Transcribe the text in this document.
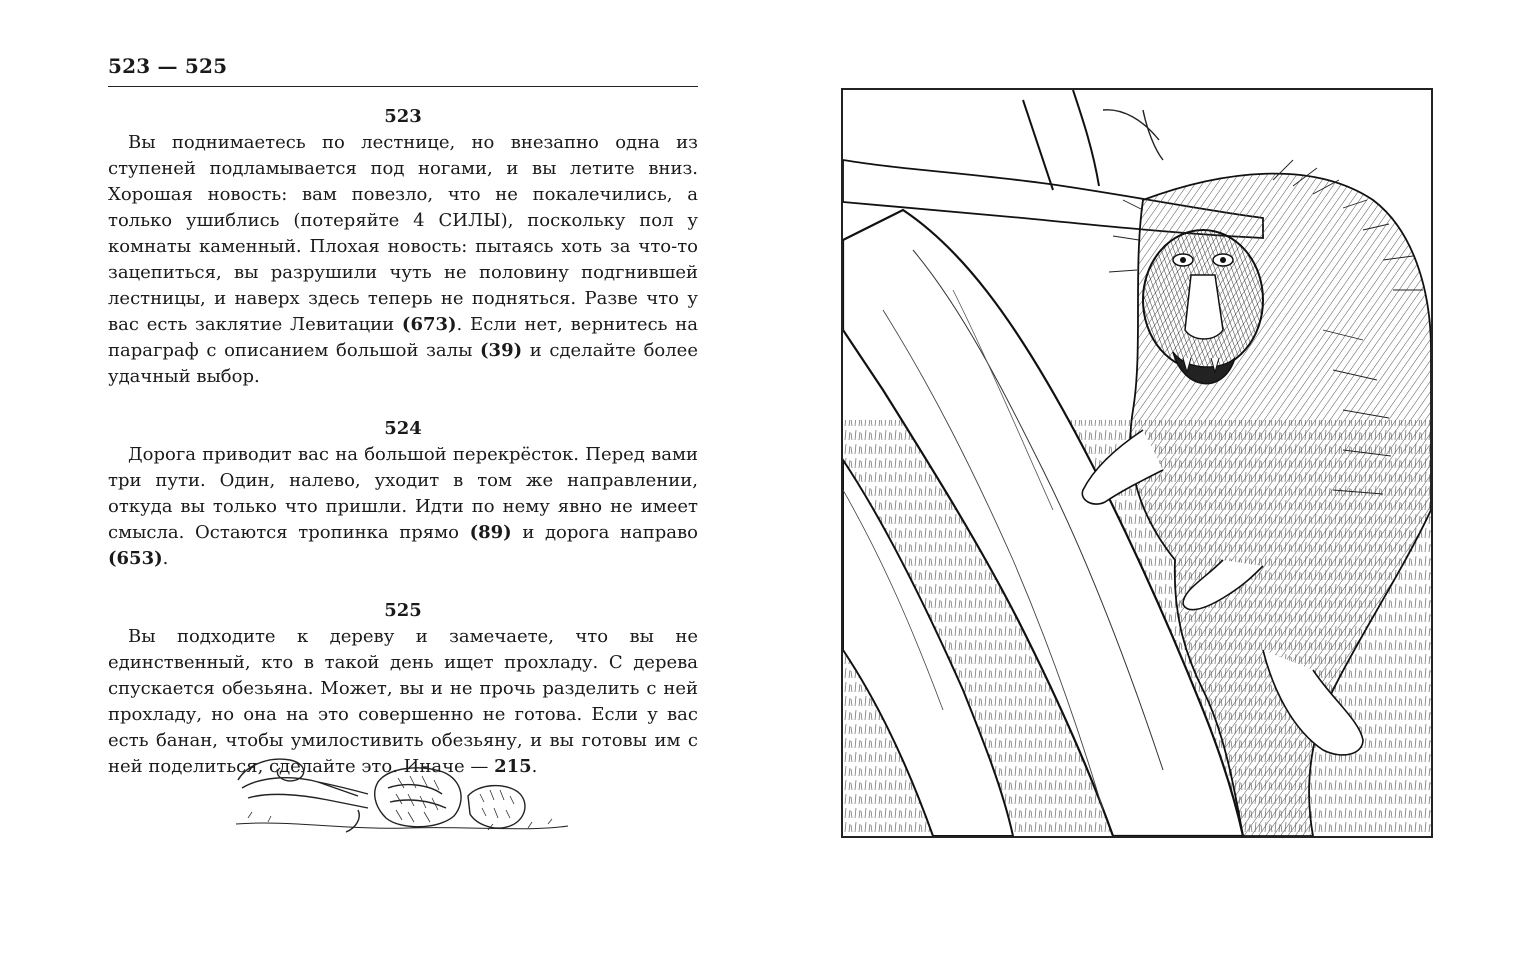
523 — 525
523

Вы поднимаетесь по лестнице, но внезапно одна из ступеней подламывается под ногами, и вы летите вниз. Хорошая новость: вам повезло, что не покалечились, а только ушиблись (потеряйте 4 СИЛЫ), поскольку пол у комнаты каменный. Плохая новость: пытаясь хоть за что-то зацепиться, вы разрушили чуть не половину подгнившей лестницы, и наверх здесь теперь не подняться. Разве что у вас есть заклятие Левитации (673). Если нет, вернитесь на параграф с описанием большой залы (39) и сделайте более удачный выбор.

524

Дорога приводит вас на большой перекрёсток. Перед вами три пути. Один, налево, уходит в том же направлении, откуда вы только что пришли. Идти по нему явно не имеет смысла. Остаются тропинка прямо (89) и дорога направо (653).

525

Вы подходите к дереву и замечаете, что вы не единственный, кто в такой день ищет прохладу. С дерева спускается обезьяна. Может, вы и не прочь разделить с ней прохладу, но она на это совершенно не готова. Если у вас есть банан, чтобы умилостивить обезьяну, и вы готовы им с ней поделиться, сделайте это. Иначе — 215.
